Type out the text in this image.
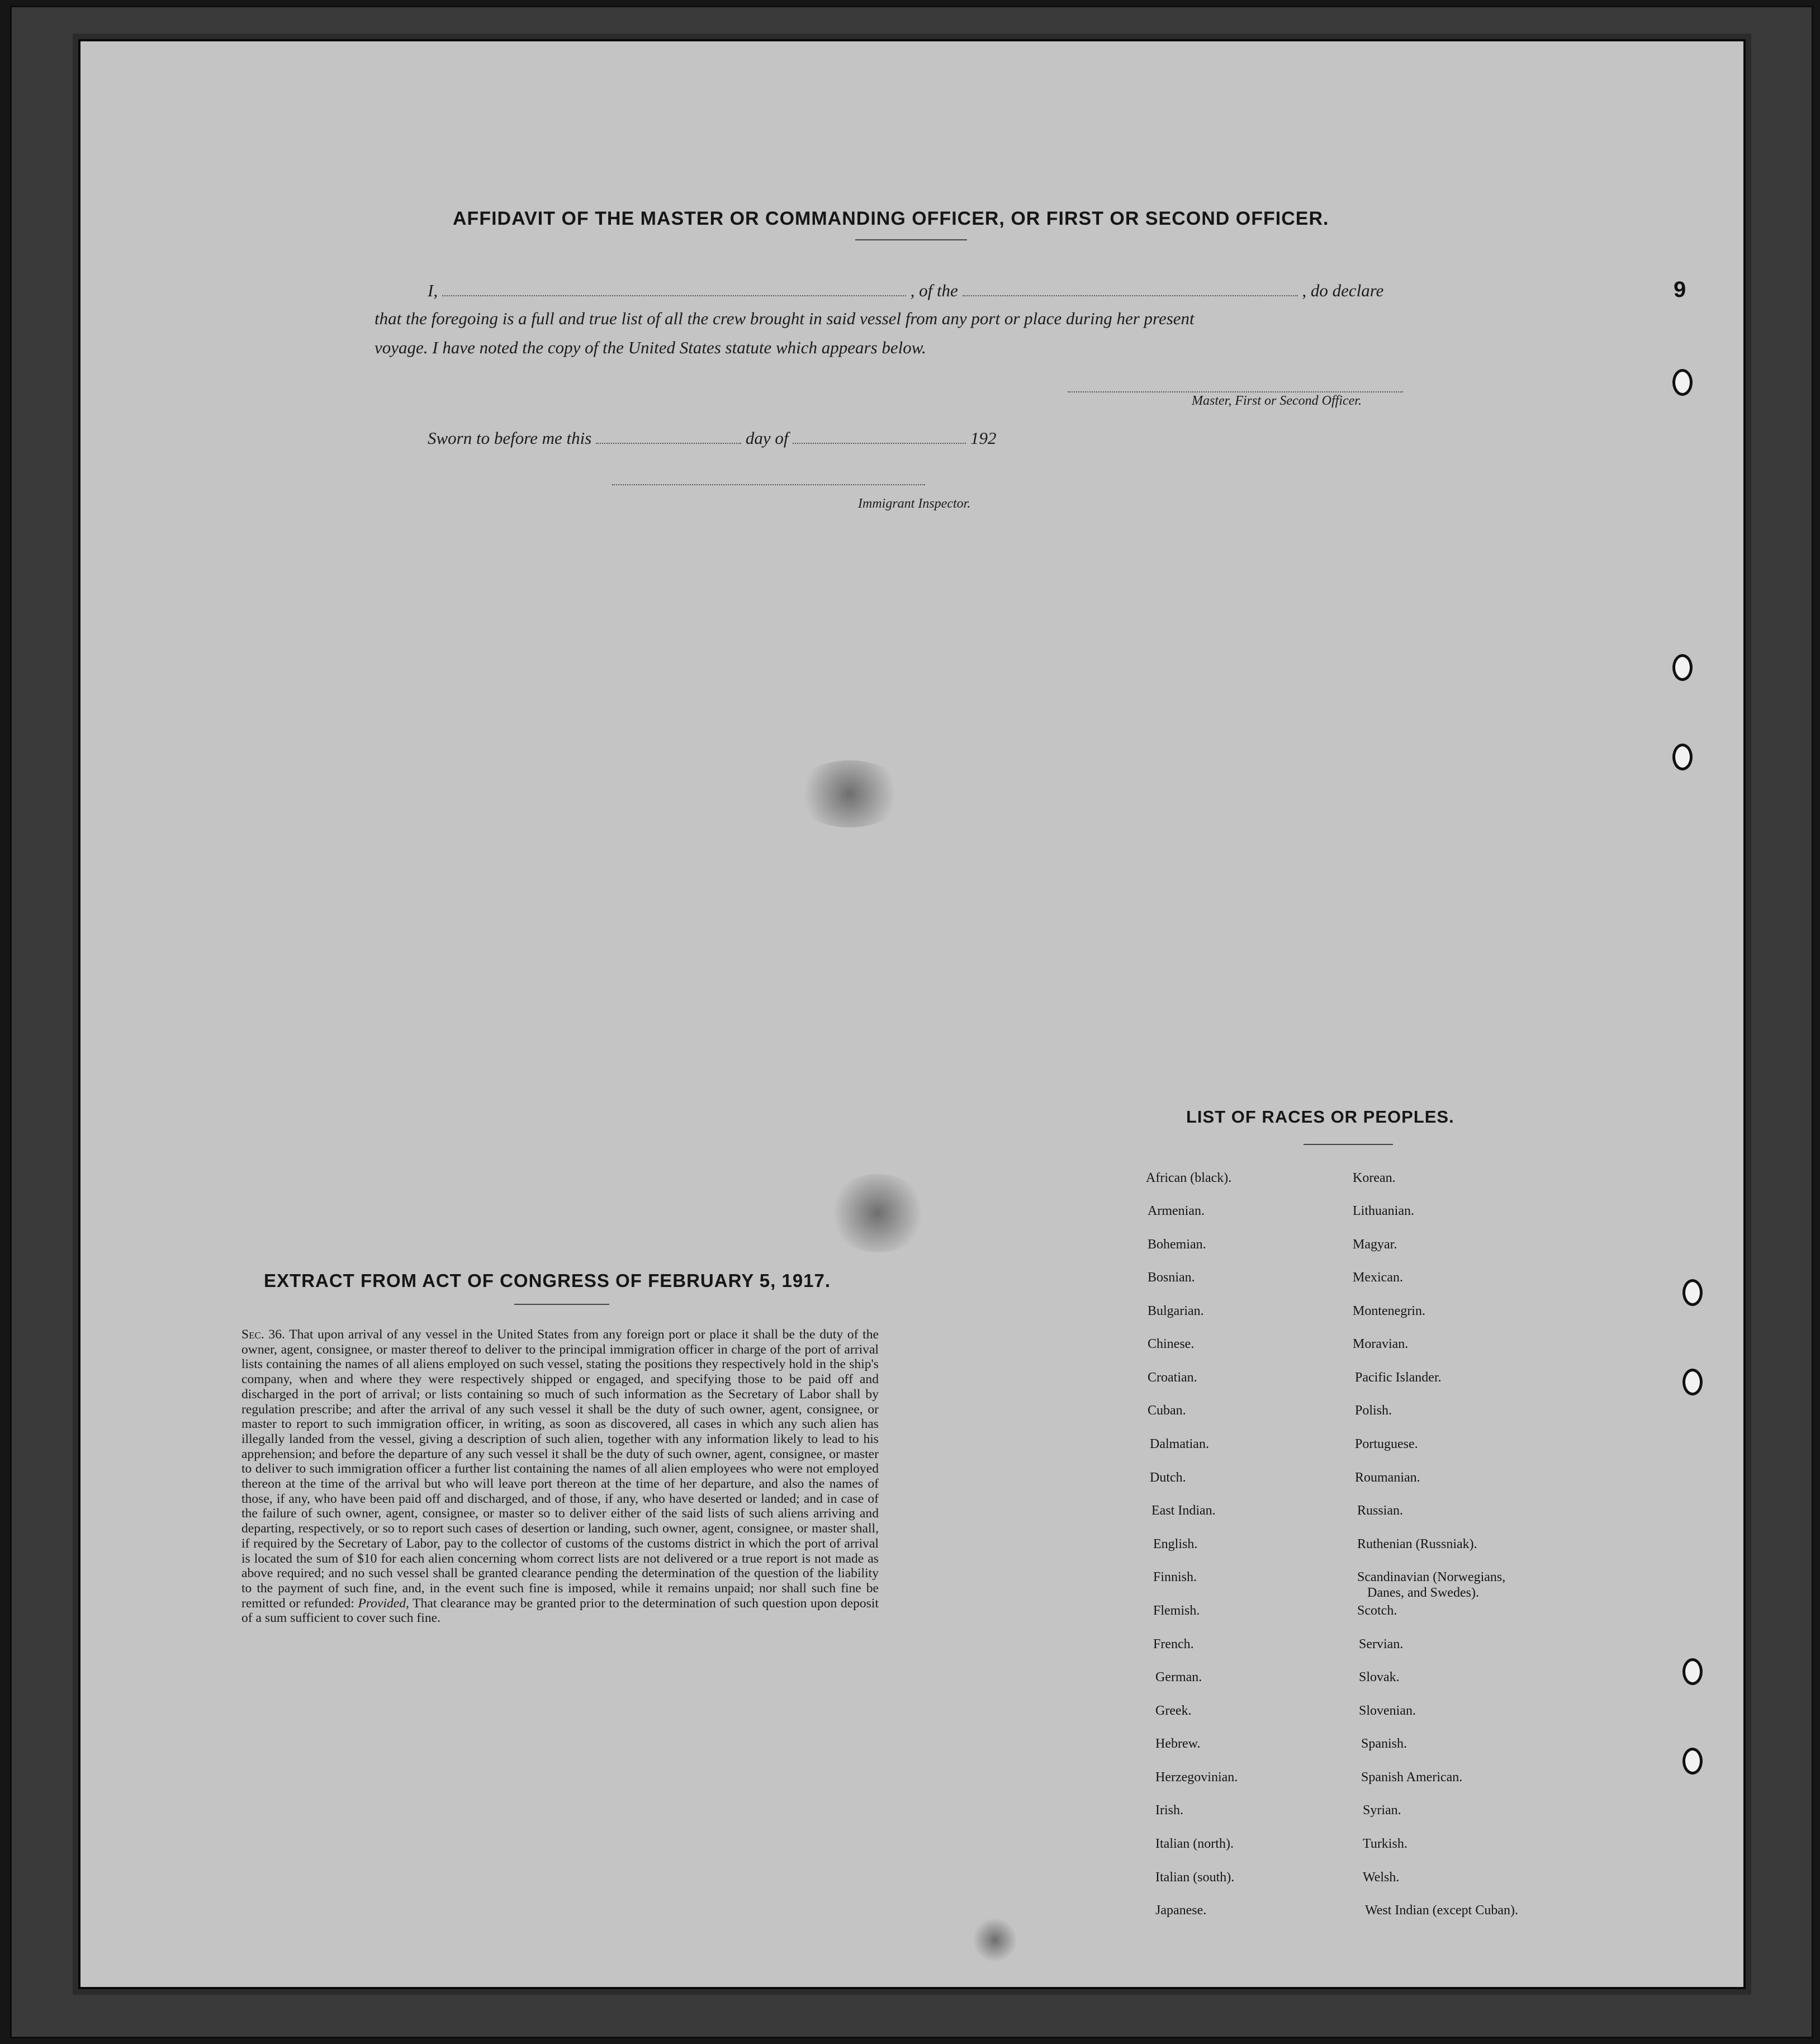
AFFIDAVIT OF THE MASTER OR COMMANDING OFFICER, OR FIRST OR SECOND OFFICER.
I,	, of the	, do declare
that the foregoing is a full and true list of all the crew brought in said vessel from any port or place during her present
voyage. I have noted the copy of the United States statute which appears below.
Master, First or Second Officer.
Sworn to before me this	day of	192
Immigrant Inspector.
9
EXTRACT FROM ACT OF CONGRESS OF FEBRUARY 5, 1917.
Sec. 36. That upon arrival of any vessel in the United States from any foreign port or place it shall be the duty of the owner, agent, consignee, or master thereof to deliver to the principal immigration officer in charge of the port of arrival lists containing the names of all aliens employed on such vessel, stating the positions they respectively hold in the ship's company, when and where they were respectively shipped or engaged, and specifying those to be paid off and discharged in the port of arrival; or lists containing so much of such information as the Secretary of Labor shall by regulation prescribe; and after the arrival of any such vessel it shall be the duty of such owner, agent, consignee, or master to report to such immigration officer, in writing, as soon as discovered, all cases in which any such alien has illegally landed from the vessel, giving a description of such alien, together with any information likely to lead to his apprehension; and before the departure of any such vessel it shall be the duty of such owner, agent, consignee, or master to deliver to such immigration officer a further list containing the names of all alien employees who were not employed thereon at the time of the arrival but who will leave port thereon at the time of her departure, and also the names of those, if any, who have been paid off and discharged, and of those, if any, who have deserted or landed; and in case of the failure of such owner, agent, consignee, or master so to deliver either of the said lists of such aliens arriving and departing, respectively, or so to report such cases of desertion or landing, such owner, agent, consignee, or master shall, if required by the Secretary of Labor, pay to the collector of customs of the customs district in which the port of arrival is located the sum of $10 for each alien concerning whom correct lists are not delivered or a true report is not made as above required; and no such vessel shall be granted clearance pending the determination of the question of the liability to the payment of such fine, and, in the event such fine is imposed, while it remains unpaid; nor shall such fine be remitted or refunded: Provided, That clearance may be granted prior to the determination of such question upon deposit of a sum sufficient to cover such fine.
LIST OF RACES OR PEOPLES.
African (black).
Armenian.
Bohemian.
Bosnian.
Bulgarian.
Chinese.
Croatian.
Cuban.
Dalmatian.
Dutch.
East Indian.
English.
Finnish.
Flemish.
French.
German.
Greek.
Hebrew.
Herzegovinian.
Irish.
Italian (north).
Italian (south).
Japanese.
Korean.
Lithuanian.
Magyar.
Mexican.
Montenegrin.
Moravian.
Pacific Islander.
Polish.
Portuguese.
Roumanian.
Russian.
Ruthenian (Russniak).
Scandinavian (Norwegians,
Danes, and Swedes).
Scotch.
Servian.
Slovak.
Slovenian.
Spanish.
Spanish American.
Syrian.
Turkish.
Welsh.
West Indian (except Cuban).
